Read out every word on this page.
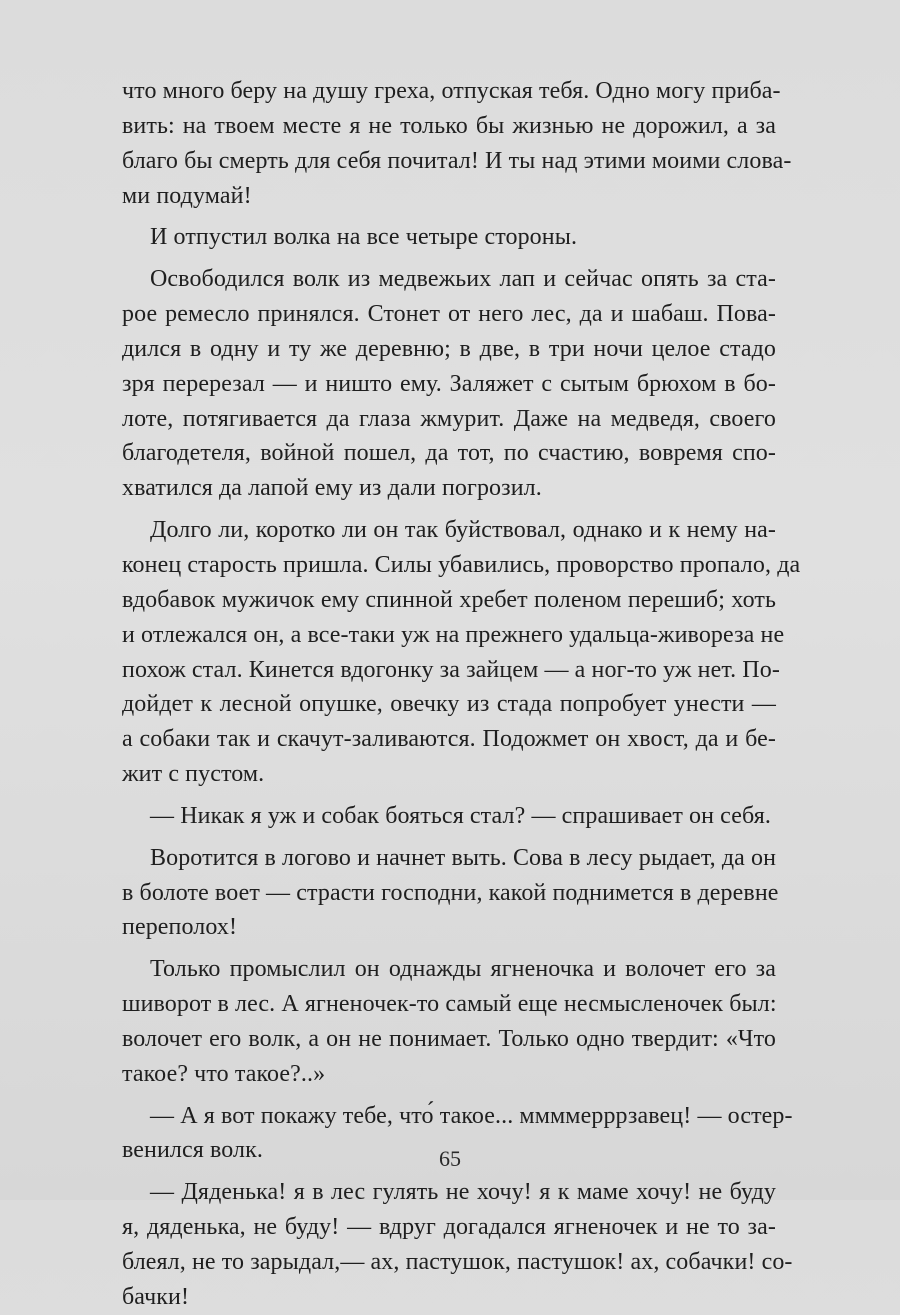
что много беру на душу греха, отпуская тебя. Одно могу приба-
вить: на твоем месте я не только бы жизнью не дорожил, а за
благо бы смерть для себя почитал! И ты над этими моими слова-
ми подумай!
И отпустил волка на все четыре стороны.
Освободился волк из медвежьих лап и сейчас опять за ста-
рое ремесло принялся. Стонет от него лес, да и шабаш. Пова-
дился в одну и ту же деревню; в две, в три ночи целое стадо
зря перерезал — и ништо ему. Заляжет с сытым брюхом в бо-
лоте, потягивается да глаза жмурит. Даже на медведя, своего
благодетеля, войной пошел, да тот, по счастию, вовремя спо-
хватился да лапой ему из дали погрозил.
Долго ли, коротко ли он так буйствовал, однако и к нему на-
конец старость пришла. Силы убавились, проворство пропало, да
вдобавок мужичок ему спинной хребет поленом перешиб; хоть
и отлежался он, а все-таки уж на прежнего удальца-живореза не
похож стал. Кинется вдогонку за зайцем — а ног-то уж нет. По-
дойдет к лесной опушке, овечку из стада попробует унести —
а собаки так и скачут-заливаются. Подожмет он хвост, да и бе-
жит с пустом.
— Никак я уж и собак бояться стал? — спрашивает он себя.
Воротится в логово и начнет выть. Сова в лесу рыдает, да он
в болоте воет — страсти господни, какой поднимется в деревне
переполох!
Только промыслил он однажды ягненочка и волочет его за
шиворот в лес. А ягненочек-то самый еще несмысленочек был:
волочет его волк, а он не понимает. Только одно твердит: «Что
такое? что такое?..»
— А я вот покажу тебе, что́ такое... ммммерррзавец! — остер-
венился волк.
— Дяденька! я в лес гулять не хочу! я к маме хочу! не буду
я, дяденька, не буду! — вдруг догадался ягненочек и не то за-
блеял, не то зарыдал,— ах, пастушок, пастушок! ах, собачки! со-
бачки!
65
